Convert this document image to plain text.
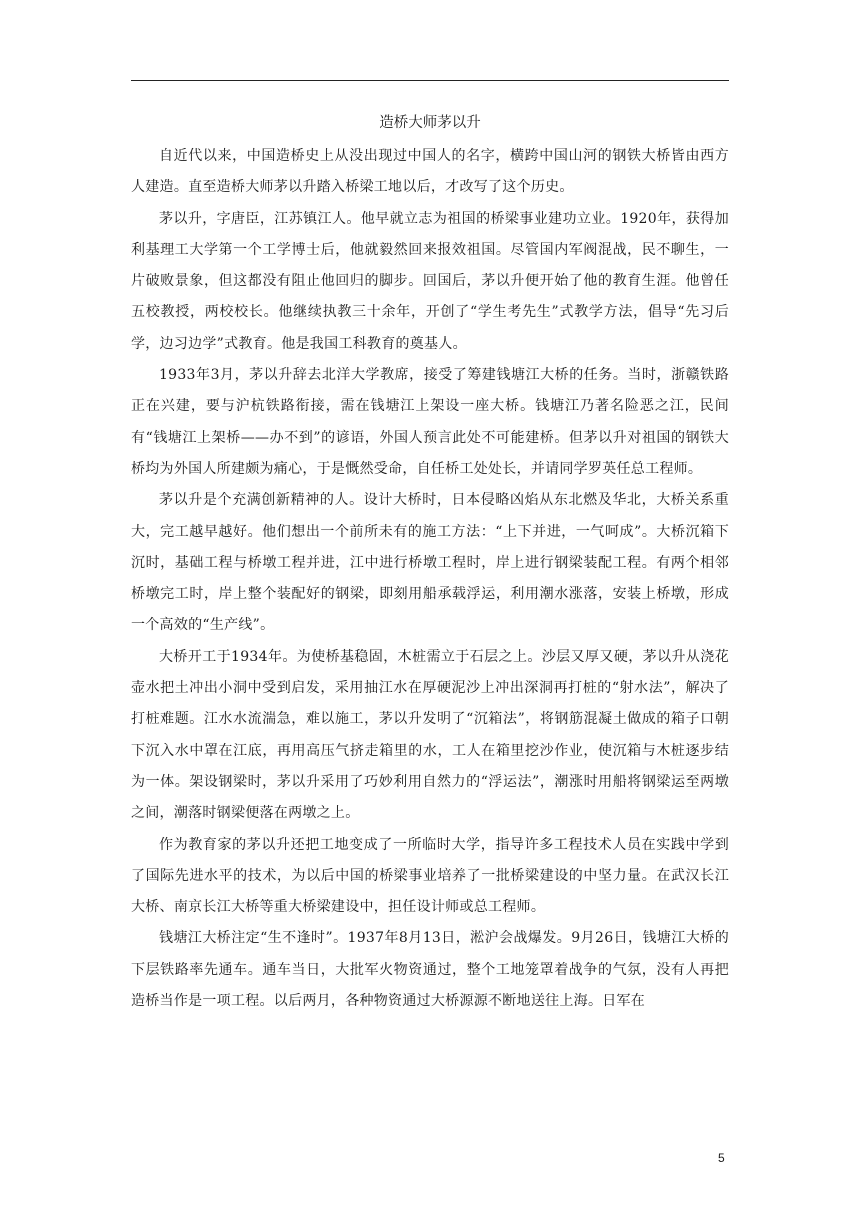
造桥大师茅以升

自近代以来，中国造桥史上从没出现过中国人的名字，横跨中国山河的钢铁大桥皆由西方人建造。直至造桥大师茅以升踏入桥梁工地以后，才改写了这个历史。

茅以升，字唐臣，江苏镇江人。他早就立志为祖国的桥梁事业建功立业。1920年，获得加利基理工大学第一个工学博士后，他就毅然回来报效祖国。尽管国内军阀混战，民不聊生，一片破败景象，但这都没有阻止他回归的脚步。回国后，茅以升便开始了他的教育生涯。他曾任五校教授，两校校长。他继续执教三十余年，开创了“学生考先生”式教学方法，倡导“先习后学，边习边学”式教育。他是我国工科教育的奠基人。

1933年3月，茅以升辞去北洋大学教席，接受了筹建钱塘江大桥的任务。当时，浙赣铁路正在兴建，要与沪杭铁路衔接，需在钱塘江上架设一座大桥。钱塘江乃著名险恶之江，民间有“钱塘江上架桥——办不到”的谚语，外国人预言此处不可能建桥。但茅以升对祖国的钢铁大桥均为外国人所建颇为痛心，于是慨然受命，自任桥工处处长，并请同学罗英任总工程师。

茅以升是个充满创新精神的人。设计大桥时，日本侵略凶焰从东北燃及华北，大桥关系重大，完工越早越好。他们想出一个前所未有的施工方法：“上下并进，一气呵成”。大桥沉箱下沉时，基础工程与桥墩工程并进，江中进行桥墩工程时，岸上进行钢梁装配工程。有两个相邻桥墩完工时，岸上整个装配好的钢梁，即刻用船承载浮运，利用潮水涨落，安装上桥墩，形成一个高效的“生产线”。

大桥开工于1934年。为使桥基稳固，木桩需立于石层之上。沙层又厚又硬，茅以升从浇花壶水把土冲出小洞中受到启发，采用抽江水在厚硬泥沙上冲出深洞再打桩的“射水法”，解决了打桩难题。江水水流湍急，难以施工，茅以升发明了“沉箱法”，将钢筋混凝土做成的箱子口朝下沉入水中罩在江底，再用高压气挤走箱里的水，工人在箱里挖沙作业，使沉箱与木桩逐步结为一体。架设钢梁时，茅以升采用了巧妙利用自然力的“浮运法”，潮涨时用船将钢梁运至两墩之间，潮落时钢梁便落在两墩之上。

作为教育家的茅以升还把工地变成了一所临时大学，指导许多工程技术人员在实践中学到了国际先进水平的技术，为以后中国的桥梁事业培养了一批桥梁建设的中坚力量。在武汉长江大桥、南京长江大桥等重大桥梁建设中，担任设计师或总工程师。

钱塘江大桥注定“生不逢时”。1937年8月13日，淞沪会战爆发。9月26日，钱塘江大桥的下层铁路率先通车。通车当日，大批军火物资通过，整个工地笼罩着战争的气氛，没有人再把造桥当作是一项工程。以后两月，各种物资通过大桥源源不断地送往上海。日军在

5
